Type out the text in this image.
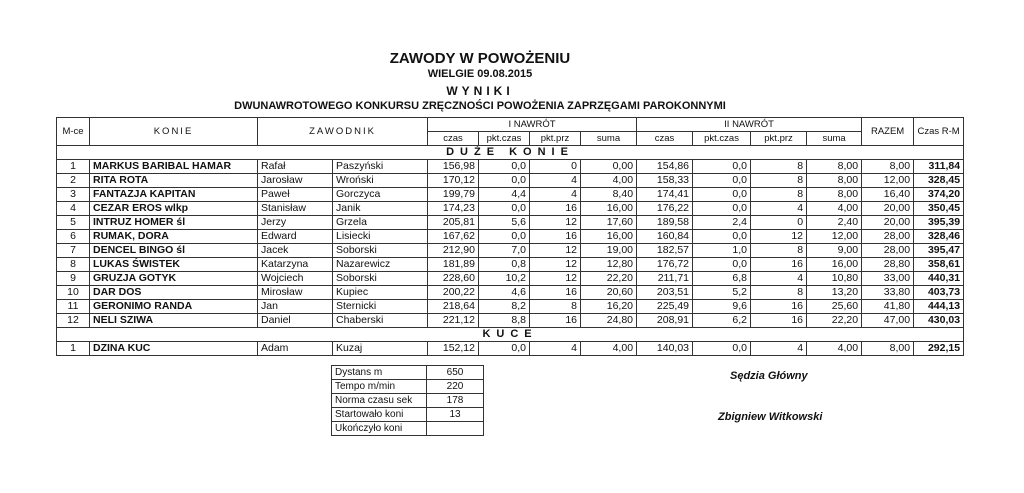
ZAWODY W POWOŻENIU
WIELGIE 09.08.2015
WYNIKI
DWUNAWROTOWEGO KONKURSU ZRĘCZNOŚCI POWOŻENIA ZAPRZĘGAMI PAROKONNYMI
M-ce	KONIE	ZAWODNIK		I NAWRÓT				II NAWRÓT				RAZEM	Czas R-M
				czas	pkt.czas	pkt.prz	suma	czas	pkt.czas	pkt.prz	suma		
DUŻE KONIE													
1	MARKUS BARIBAL HAMAR	Rafał	Paszyński	156,98	0,0	0	0,00	154,86	0,0	8	8,00	8,00	311,84
2	RITA ROTA	Jarosław	Wroński	170,12	0,0	4	4,00	158,33	0,0	8	8,00	12,00	328,45
3	FANTAZJA KAPITAN	Paweł	Gorczyca	199,79	4,4	4	8,40	174,41	0,0	8	8,00	16,40	374,20
4	CEZAR EROS wlkp	Stanisław	Janik	174,23	0,0	16	16,00	176,22	0,0	4	4,00	20,00	350,45
5	INTRUZ HOMER śl	Jerzy	Grzela	205,81	5,6	12	17,60	189,58	2,4	0	2,40	20,00	395,39
6	RUMAK, DORA	Edward	Lisiecki	167,62	0,0	16	16,00	160,84	0,0	12	12,00	28,00	328,46
7	DENCEL BINGO śl	Jacek	Soborski	212,90	7,0	12	19,00	182,57	1,0	8	9,00	28,00	395,47
8	LUKAS ŚWISTEK	Katarzyna	Nazarewicz	181,89	0,8	12	12,80	176,72	0,0	16	16,00	28,80	358,61
9	GRUZJA GOTYK	Wojciech	Soborski	228,60	10,2	12	22,20	211,71	6,8	4	10,80	33,00	440,31
10	DAR DOS	Mirosław	Kupiec	200,22	4,6	16	20,60	203,51	5,2	8	13,20	33,80	403,73
11	GERONIMO RANDA	Jan	Sternicki	218,64	8,2	8	16,20	225,49	9,6	16	25,60	41,80	444,13
12	NELI SZIWA	Daniel	Chaberski	221,12	8,8	16	24,80	208,91	6,2	16	22,20	47,00	430,03
KUCE													
1	DZINA KUC	Adam	Kuzaj	152,12	0,0	4	4,00	140,03	0,0	4	4,00	8,00	292,15
Dystans m	650
Tempo m/min	220
Norma czasu sek	178
Startowało koni	13
Ukończyło koni	
Sędzia Główny
Zbigniew Witkowski
